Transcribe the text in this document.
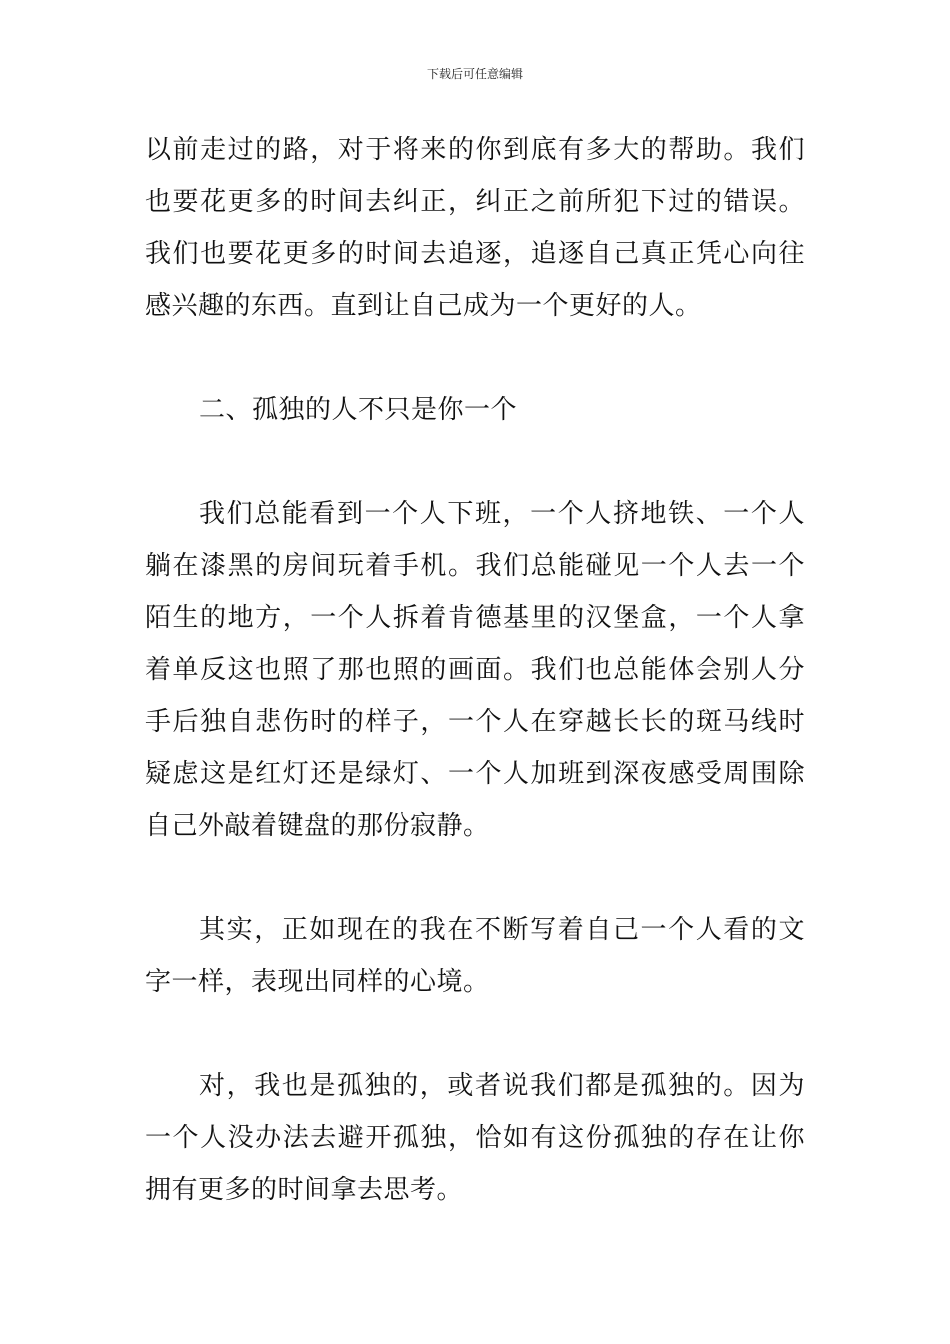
下载后可任意编辑

以前走过的路，对于将来的你到底有多大的帮助。我们也要花更多的时间去纠正，纠正之前所犯下过的错误。我们也要花更多的时间去追逐，追逐自己真正凭心向往感兴趣的东西。直到让自己成为一个更好的人。

二、孤独的人不只是你一个

我们总能看到一个人下班，一个人挤地铁、一个人躺在漆黑的房间玩着手机。我们总能碰见一个人去一个陌生的地方，一个人拆着肯德基里的汉堡盒，一个人拿着单反这也照了那也照的画面。我们也总能体会别人分手后独自悲伤时的样子，一个人在穿越长长的斑马线时疑虑这是红灯还是绿灯、一个人加班到深夜感受周围除自己外敲着键盘的那份寂静。

其实，正如现在的我在不断写着自己一个人看的文字一样，表现出同样的心境。

对，我也是孤独的，或者说我们都是孤独的。因为一个人没办法去避开孤独，恰如有这份孤独的存在让你拥有更多的时间拿去思考。
